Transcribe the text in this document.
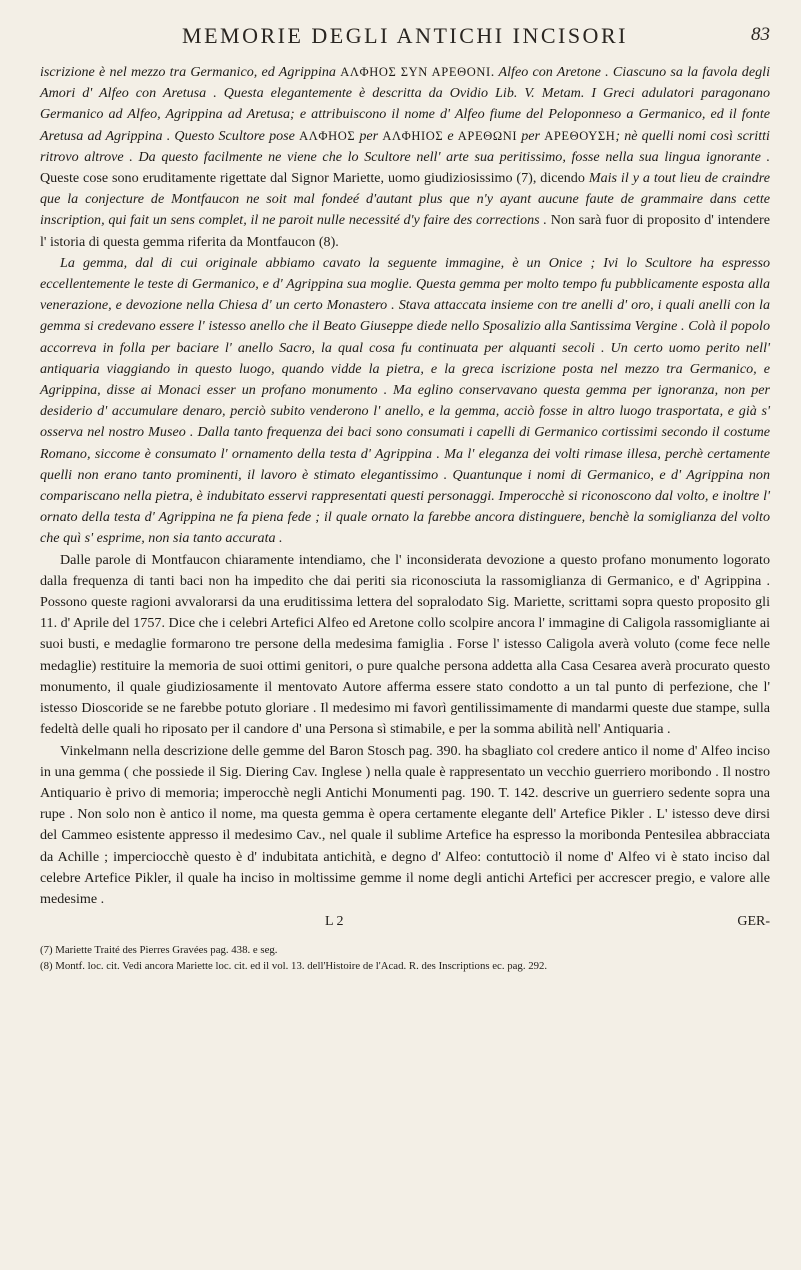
MEMORIE DEGLI ANTICHI INCISORI	83

iscrizione è nel mezzo tra Germanico, ed Agrippina ΑΛΦΗΟΣ ΣΥΝ ΑΡΕΘΟΝΙ. Alfeo con Aretone . Ciascuno sa la favola degli Amori d' Alfeo con Aretusa . Questa elegantemente è descritta da Ovidio Lib. V. Metam. I Greci adulatori paragonano Germanico ad Alfeo, Agrippina ad Aretusa; e attribuiscono il nome d' Alfeo fiume del Peloponneso a Germanico, ed il fonte Aretusa ad Agrippina . Questo Scultore pose ΑΛΦΗΟΣ per ΑΛΦΗΙΟΣ e ΑΡΕΘΩΝΙ per ΑΡΕΘΟΥΣΗ; nè quelli nomi così scritti ritrovo altrove . Da questo facilmente ne viene che lo Scultore nell' arte sua peritissimo, fosse nella sua lingua ignorante . Queste cose sono eruditamente rigettate dal Signor Mariette, uomo giudiziosissimo (7), dicendo Mais il y a tout lieu de craindre que la conjecture de Montfaucon ne soit mal fondeé d'autant plus que n'y ayant aucune faute de grammaire dans cette inscription, qui fait un sens complet, il ne paroit nulle necessité d'y faire des corrections . Non sarà fuor di proposito d' intendere l' istoria di questa gemma riferita da Montfaucon (8).

La gemma, dal di cui originale abbiamo cavato la seguente immagine, è un Onice ; Ivi lo Scultore ha espresso eccellentemente le teste di Germanico, e d' Agrippina sua moglie. Questa gemma per molto tempo fu pubblicamente esposta alla venerazione, e devozione nella Chiesa d' un certo Monastero . Stava attaccata insieme con tre anelli d' oro, i quali anelli con la gemma si credevano essere l' istesso anello che il Beato Giuseppe diede nello Sposalizio alla Santissima Vergine . Colà il popolo accorreva in folla per baciare l' anello Sacro, la qual cosa fu continuata per alquanti secoli . Un certo uomo perito nell' antiquaria viaggiando in questo luogo, quando vidde la pietra, e la greca iscrizione posta nel mezzo tra Germanico, e Agrippina, disse ai Monaci esser un profano monumento . Ma eglino conservavano questa gemma per ignoranza, non per desiderio d' accumulare denaro, perciò subito venderono l' anello, e la gemma, acciò fosse in altro luogo trasportata, e già s' osserva nel nostro Museo . Dalla tanto frequenza dei baci sono consumati i capelli di Germanico cortissimi secondo il costume Romano, siccome è consumato l' ornamento della testa d' Agrippina . Ma l' eleganza dei volti rimase illesa, perchè certamente quelli non erano tanto prominenti, il lavoro è stimato elegantissimo . Quantunque i nomi di Germanico, e d' Agrippina non compariscano nella pietra, è indubitato esservi rappresentati questi personaggi. Imperocchè si riconoscono dal volto, e inoltre l' ornato della testa d' Agrippina ne fa piena fede ; il quale ornato la farebbe ancora distinguere, benchè la somiglianza del volto che quì s' esprime, non sia tanto accurata .

Dalle parole di Montfaucon chiaramente intendiamo, che l' inconsiderata devozione a questo profano monumento logorato dalla frequenza di tanti baci non ha impedito che dai periti sia riconosciuta la rassomiglianza di Germanico, e d' Agrippina . Possono queste ragioni avvalorarsi da una eruditissima lettera del sopralodato Sig. Mariette, scrittami sopra questo proposito gli 11. d' Aprile del 1757. Dice che i celebri Artefici Alfeo ed Aretone collo scolpire ancora l' immagine di Caligola rassomigliante ai suoi busti, e medaglie formarono tre persone della medesima famiglia . Forse l' istesso Caligola averà voluto (come fece nelle medaglie) restituire la memoria de suoi ottimi genitori, o pure qualche persona addetta alla Casa Cesarea averà procurato questo monumento, il quale giudiziosamente il mentovato Autore afferma essere stato condotto a un tal punto di perfezione, che l' istesso Dioscoride se ne farebbe potuto gloriare . Il medesimo mi favorì gentilissimamente di mandarmi queste due stampe, sulla fedeltà delle quali ho riposato per il candore d' una Persona sì stimabile, e per la somma abilità nell' Antiquaria .

Vinkelmann nella descrizione delle gemme del Baron Stosch pag. 390. ha sbagliato col credere antico il nome d' Alfeo inciso in una gemma ( che possiede il Sig. Diering Cav. Inglese ) nella quale è rappresentato un vecchio guerriero moribondo . Il nostro Antiquario è privo di memoria; imperocchè negli Antichi Monumenti pag. 190. T. 142. descrive un guerriero sedente sopra una rupe . Non solo non è antico il nome, ma questa gemma è opera certamente elegante dell' Artefice Pikler . L' istesso deve dirsi del Cammeo esistente appresso il medesimo Cav., nel quale il sublime Artefice ha espresso la moribonda Pentesilea abbracciata da Achille ; imperciocchè questo è d' indubitata antichità, e degno d' Alfeo: contuttociò il nome d' Alfeo vi è stato inciso dal celebre Artefice Pikler, il quale ha inciso in moltissime gemme il nome degli antichi Artefici per accrescer pregio, e valore alle medesime .

L 2	GER-

(7) Mariette Traité des Pierres Gravées pag. 438. e seg.

(8) Montf. loc. cit. Vedi ancora Mariette loc. cit. ed il vol. 13. dell'Histoire de l'Acad. R. des Inscriptions ec. pag. 292.
